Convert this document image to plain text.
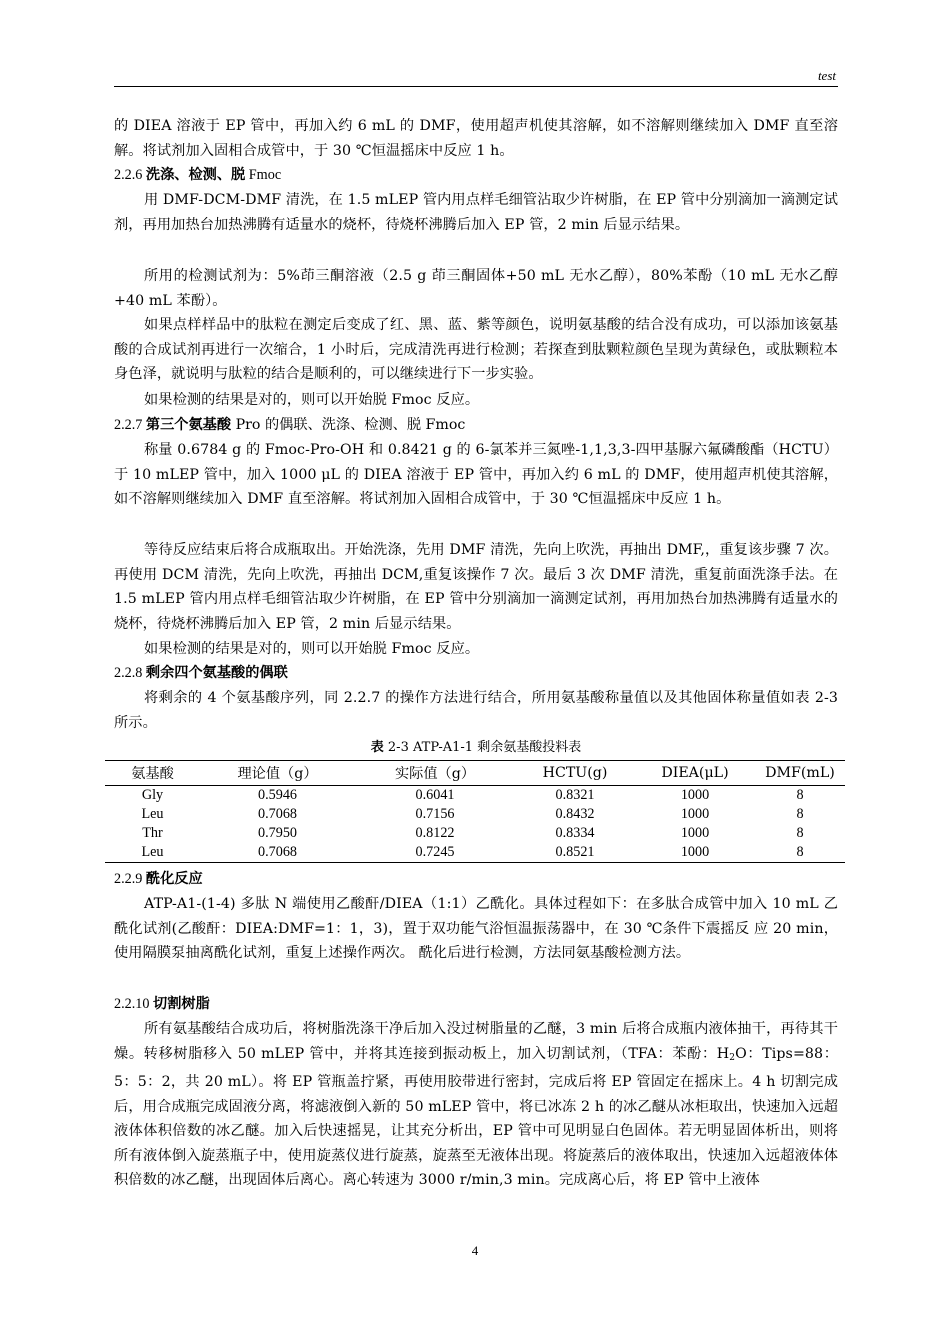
test

的 DIEA 溶液于 EP 管中，再加入约 6 mL 的 DMF，使用超声机使其溶解，如不溶解则继续加入 DMF 直至溶解。将试剂加入固相合成管中，于 30 ℃恒温摇床中反应 1 h。

2.2.6 洗涤、检测、脱 Fmoc

用 DMF-DCM-DMF 清洗，在 1.5 mLEP 管内用点样毛细管沾取少许树脂，在 EP 管中分别滴加一滴测定试剂，再用加热台加热沸腾有适量水的烧杯，待烧杯沸腾后加入 EP 管，2 min 后显示结果。

所用的检测试剂为：5%茚三酮溶液（2.5 g 茚三酮固体+50 mL 无水乙醇），80%苯酚（10 mL 无水乙醇+40 mL 苯酚）。

如果点样样品中的肽粒在测定后变成了红、黑、蓝、紫等颜色，说明氨基酸的结合没有成功，可以添加该氨基酸的合成试剂再进行一次缩合，1 小时后，完成清洗再进行检测；若探查到肽颗粒颜色呈现为黄绿色，或肽颗粒本身色泽，就说明与肽粒的结合是顺利的，可以继续进行下一步实验。

如果检测的结果是对的，则可以开始脱 Fmoc 反应。

2.2.7 第三个氨基酸 Pro 的偶联、洗涤、检测、脱 Fmoc

称量 0.6784 g 的 Fmoc-Pro-OH 和 0.8421 g 的 6-氯苯并三氮唑-1,1,3,3-四甲基脲六氟磷酸酯（HCTU）于 10 mLEP 管中，加入 1000 μL 的 DIEA 溶液于 EP 管中，再加入约 6 mL 的 DMF，使用超声机使其溶解，如不溶解则继续加入 DMF 直至溶解。将试剂加入固相合成管中，于 30 ℃恒温摇床中反应 1 h。

等待反应结束后将合成瓶取出。开始洗涤，先用 DMF 清洗，先向上吹洗，再抽出 DMF,，重复该步骤 7 次。再使用 DCM 清洗，先向上吹洗，再抽出 DCM,重复该操作 7 次。最后 3 次 DMF 清洗，重复前面洗涤手法。在 1.5 mLEP 管内用点样毛细管沾取少许树脂，在 EP 管中分别滴加一滴测定试剂，再用加热台加热沸腾有适量水的烧杯，待烧杯沸腾后加入 EP 管，2 min 后显示结果。

如果检测的结果是对的，则可以开始脱 Fmoc 反应。

2.2.8 剩余四个氨基酸的偶联

将剩余的 4 个氨基酸序列，同 2.2.7 的操作方法进行结合，所用氨基酸称量值以及其他固体称量值如表 2-3 所示。

表 2-3 ATP-A1-1 剩余氨基酸投料表
氨基酸	理论值（g）	实际值（g）	HCTU(g)	DIEA(μL)	DMF(mL)
Gly	0.5946	0.6041	0.8321	1000	8
Leu	0.7068	0.7156	0.8432	1000	8
Thr	0.7950	0.8122	0.8334	1000	8
Leu	0.7068	0.7245	0.8521	1000	8
2.2.9 酰化反应

ATP-A1-(1-4) 多肽 N 端使用乙酸酐/DIEA（1:1）乙酰化。具体过程如下：在多肽合成管中加入 10 mL 乙酰化试剂(乙酸酐：DIEA:DMF=1：1，3)，置于双功能气浴恒温振荡器中，在 30 ℃条件下震摇反 应 20 min，使用隔膜泵抽离酰化试剂，重复上述操作两次。 酰化后进行检测，方法同氨基酸检测方法。

2.2.10 切割树脂

所有氨基酸结合成功后，将树脂洗涤干净后加入没过树脂量的乙醚，3 min 后将合成瓶内液体抽干，再待其干燥。转移树脂移入 50 mLEP 管中，并将其连接到振动板上，加入切割试剂，（TFA：苯酚：$H_2O$：Tips=88：5：5：2，共 20 mL）。将 EP 管瓶盖拧紧，再使用胶带进行密封，完成后将 EP 管固定在摇床上。4 h 切割完成后，用合成瓶完成固液分离，将滤液倒入新的 50 mLEP 管中，将已冰冻 2 h 的冰乙醚从冰柜取出，快速加入远超液体体积倍数的冰乙醚。加入后快速摇晃，让其充分析出，EP 管中可见明显白色固体。若无明显固体析出，则将所有液体倒入旋蒸瓶子中，使用旋蒸仪进行旋蒸，旋蒸至无液体出现。将旋蒸后的液体取出，快速加入远超液体体积倍数的冰乙醚，出现固体后离心。离心转速为 3000 r/min,3 min。完成离心后，将 EP 管中上液体

4
